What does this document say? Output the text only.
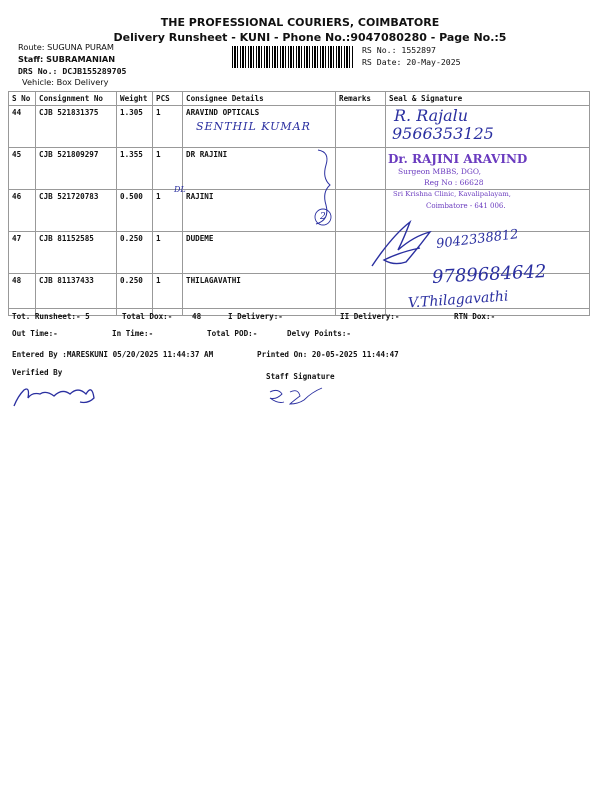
THE PROFESSIONAL COURIERS, COIMBATORE
Delivery Runsheet - KUNI - Phone No.:9047080280 - Page No.:5
Route: SUGUNA PURAM
Staff: SUBRAMANIAN
DRS No.: DCJB155289705
Vehicle: Box Delivery
RS No.: 1552897
RS Date: 20-May-2025
S No	Consignment No	Weight	PCS	Consignee Details	Remarks	Seal & Signature
44	CJB 521831375	1.305	1	ARAVIND OPTICALS		
45	CJB 521809297	1.355	1	DR RAJINI		
46	CJB 521720783	0.500	1	RAJINI		
47	CJB 81152585	0.250	1	DUDEME		
48	CJB 81137433	0.250	1	THILAGAVATHI		
Tot. Runsheet:- 5	Total Dox:-	48	I Delivery:-	II Delivery:-	RTN Dox:-
Out Time:-	In Time:-	Total POD:-	Delvy Points:-
Entered By :MARESKUNI 05/20/2025 11:44:37 AM	Printed On: 20-05-2025 11:44:47
Verified By	Staff Signature
SENTHIL KUMAR
R. Rajalu
9566353125
DL
2
9042338812
9789684642
V.Thilagavathi
Dr. RAJINI ARAVIND
Surgeon MBBS, DGO,
Reg No : 66628
Sri Krishna Clinic, Kavalipalayam,
Coimbatore - 641 006.
